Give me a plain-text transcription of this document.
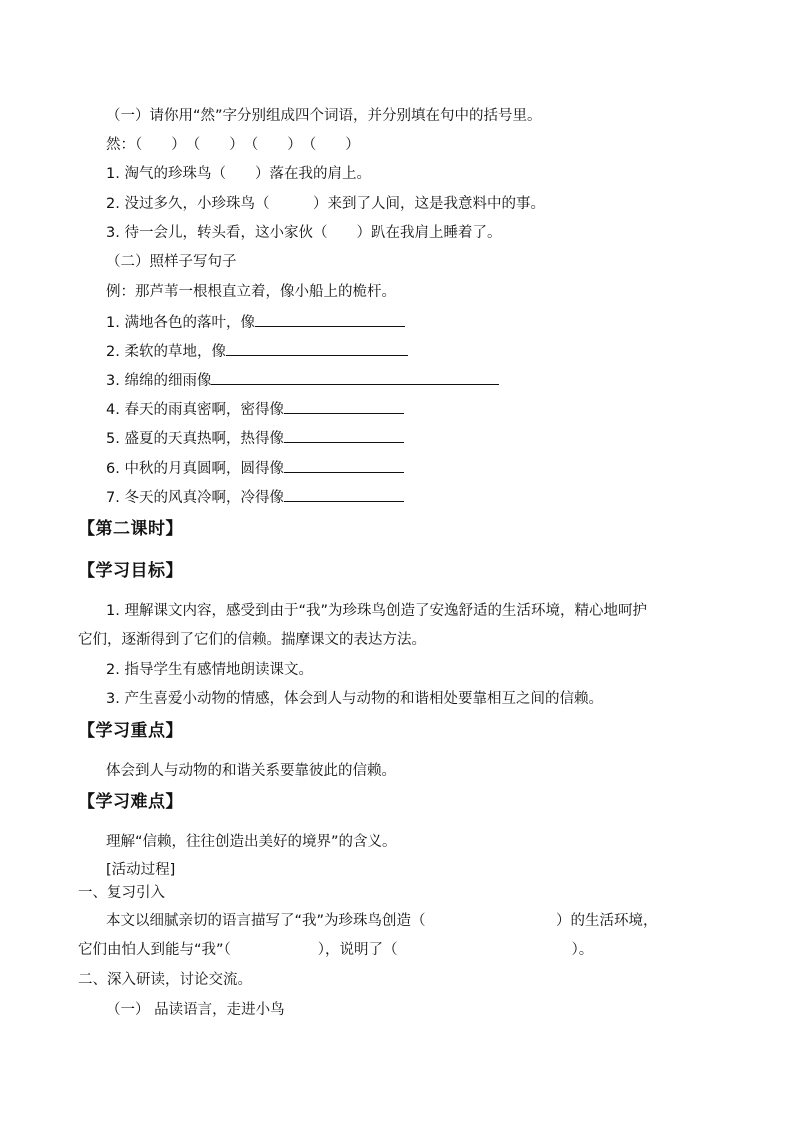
（一）请你用“然”字分别组成四个词语，并分别填在句中的括号里。
然：（　　）　（　　）　（　　）　（　　）
1. 淘气的珍珠鸟（　　）落在我的肩上。
2. 没过多久，小珍珠鸟（　　　）来到了人间，这是我意料中的事。
3. 待一会儿，转头看，这小家伙（　　）趴在我肩上睡着了。
（二）照样子写句子
例：那芦苇一根根直立着，像小船上的桅杆。
1. 满地各色的落叶，像
2. 柔软的草地，像
3. 绵绵的细雨像
4. 春天的雨真密啊，密得像
5. 盛夏的天真热啊，热得像
6. 中秋的月真圆啊，圆得像
7. 冬天的风真冷啊，冷得像
【第二课时】
【学习目标】
1. 理解课文内容，感受到由于“我”为珍珠鸟创造了安逸舒适的生活环境，精心地呵护
它们，逐渐得到了它们的信赖。揣摩课文的表达方法。
2. 指导学生有感情地朗读课文。
3. 产生喜爱小动物的情感，体会到人与动物的和谐相处要靠相互之间的信赖。
【学习重点】
体会到人与动物的和谐关系要靠彼此的信赖。
【学习难点】
理解“信赖，往往创造出美好的境界”的含义。
[活动过程]
一、复习引入
本文以细腻亲切的语言描写了“我”为珍珠鸟创造（　　　　　　　　　）的生活环境，
它们由怕人到能与“我”（　　　　　　），说明了（　　　　　　　　　　　　）。
二、深入研读，讨论交流。
（一） 品读语言，走进小鸟
